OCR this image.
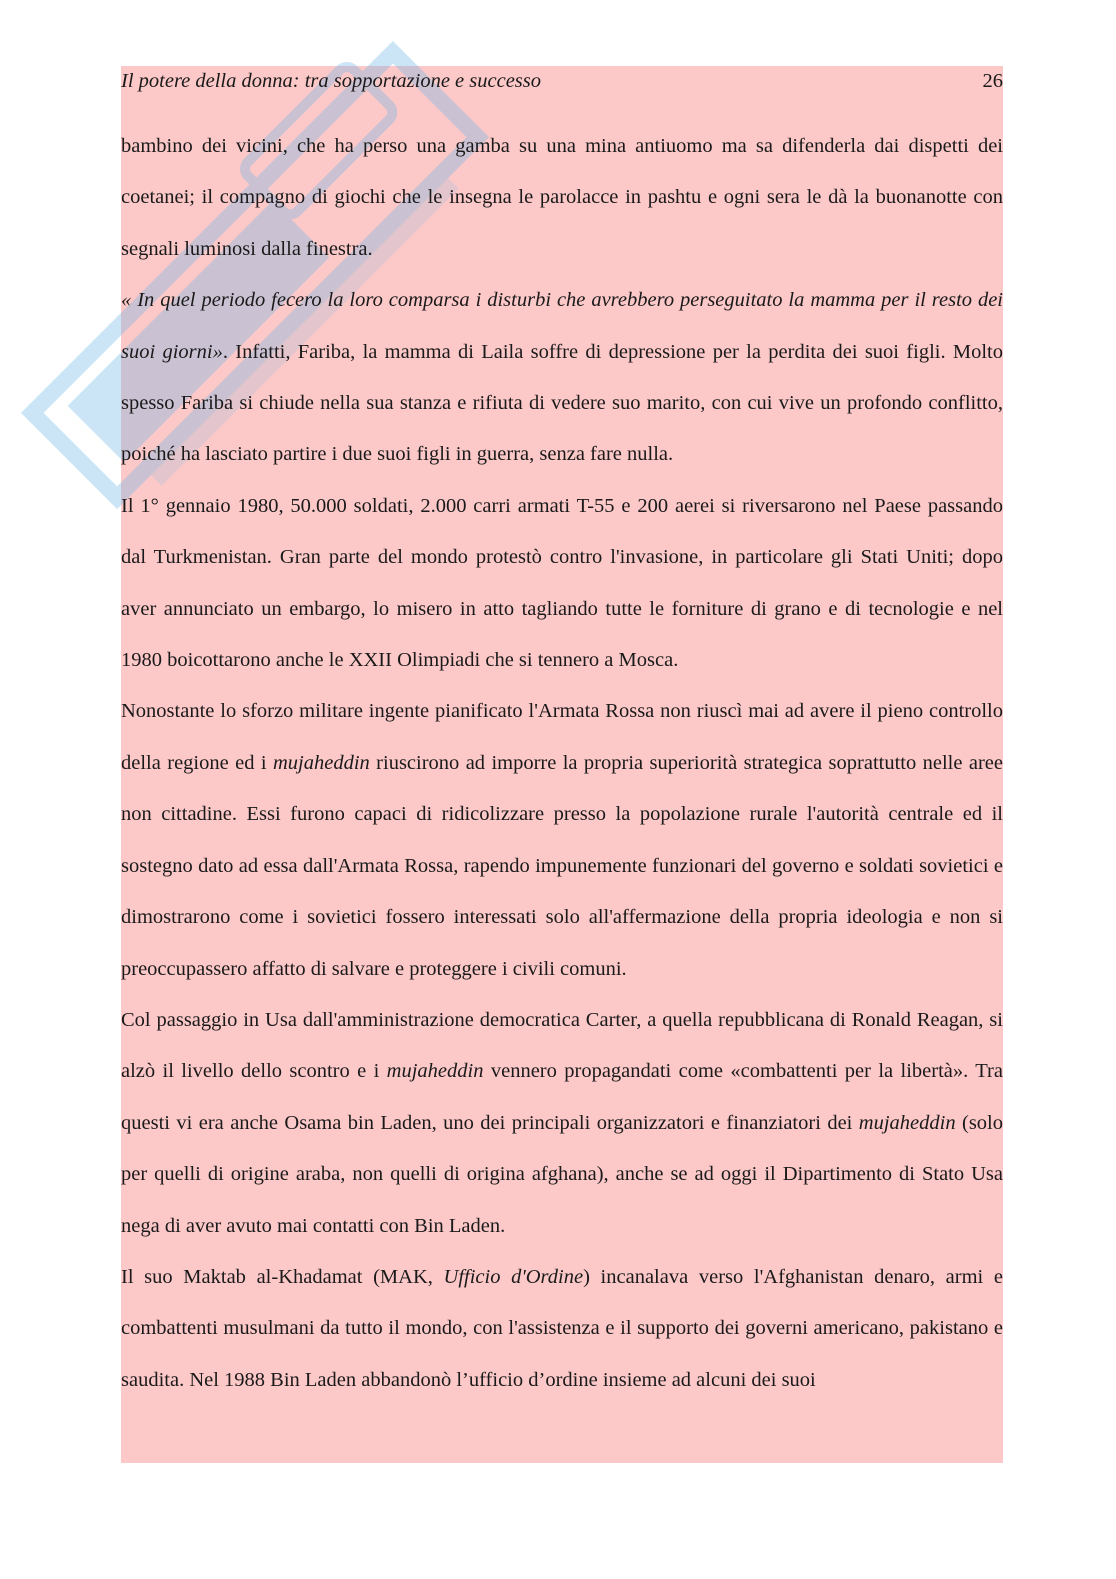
Il potere della donna: tra sopportazione e successo	26

bambino dei vicini, che ha perso una gamba su una mina antiuomo ma sa difenderla dai dispetti dei coetanei; il compagno di giochi che le insegna le parolacce in pashtu e ogni sera le dà la buonanotte con segnali luminosi dalla finestra.

« In quel periodo fecero la loro comparsa i disturbi che avrebbero perseguitato la mamma per il resto dei suoi giorni». Infatti, Fariba, la mamma di Laila soffre di depressione per la perdita dei suoi figli. Molto spesso Fariba si chiude nella sua stanza e rifiuta di vedere suo marito, con cui vive un profondo conflitto, poiché ha lasciato partire i due suoi figli in guerra, senza fare nulla.

Il 1° gennaio 1980, 50.000 soldati, 2.000 carri armati T-55 e 200 aerei si riversarono nel Paese passando dal Turkmenistan. Gran parte del mondo protestò contro l'invasione, in particolare gli Stati Uniti; dopo aver annunciato un embargo, lo misero in atto tagliando tutte le forniture di grano e di tecnologie e nel 1980 boicottarono anche le XXII Olimpiadi che si tennero a Mosca.

Nonostante lo sforzo militare ingente pianificato l'Armata Rossa non riuscì mai ad avere il pieno controllo della regione ed i mujaheddin riuscirono ad imporre la propria superiorità strategica soprattutto nelle aree non cittadine. Essi furono capaci di ridicolizzare presso la popolazione rurale l'autorità centrale ed il sostegno dato ad essa dall'Armata Rossa, rapendo impunemente funzionari del governo e soldati sovietici e dimostrarono come i sovietici fossero interessati solo all'affermazione della propria ideologia e non si preoccupassero affatto di salvare e proteggere i civili comuni.

Col passaggio in Usa dall'amministrazione democratica Carter, a quella repubblicana di Ronald Reagan, si alzò il livello dello scontro e i mujaheddin vennero propagandati come «combattenti per la libertà». Tra questi vi era anche Osama bin Laden, uno dei principali organizzatori e finanziatori dei mujaheddin (solo per quelli di origine araba, non quelli di origina afghana), anche se ad oggi il Dipartimento di Stato Usa nega di aver avuto mai contatti con Bin Laden.

Il suo Maktab al-Khadamat (MAK, Ufficio d'Ordine) incanalava verso l'Afghanistan denaro, armi e combattenti musulmani da tutto il mondo, con l'assistenza e il supporto dei governi americano, pakistano e saudita. Nel 1988 Bin Laden abbandonò l’ufficio d’ordine insieme ad alcuni dei suoi
